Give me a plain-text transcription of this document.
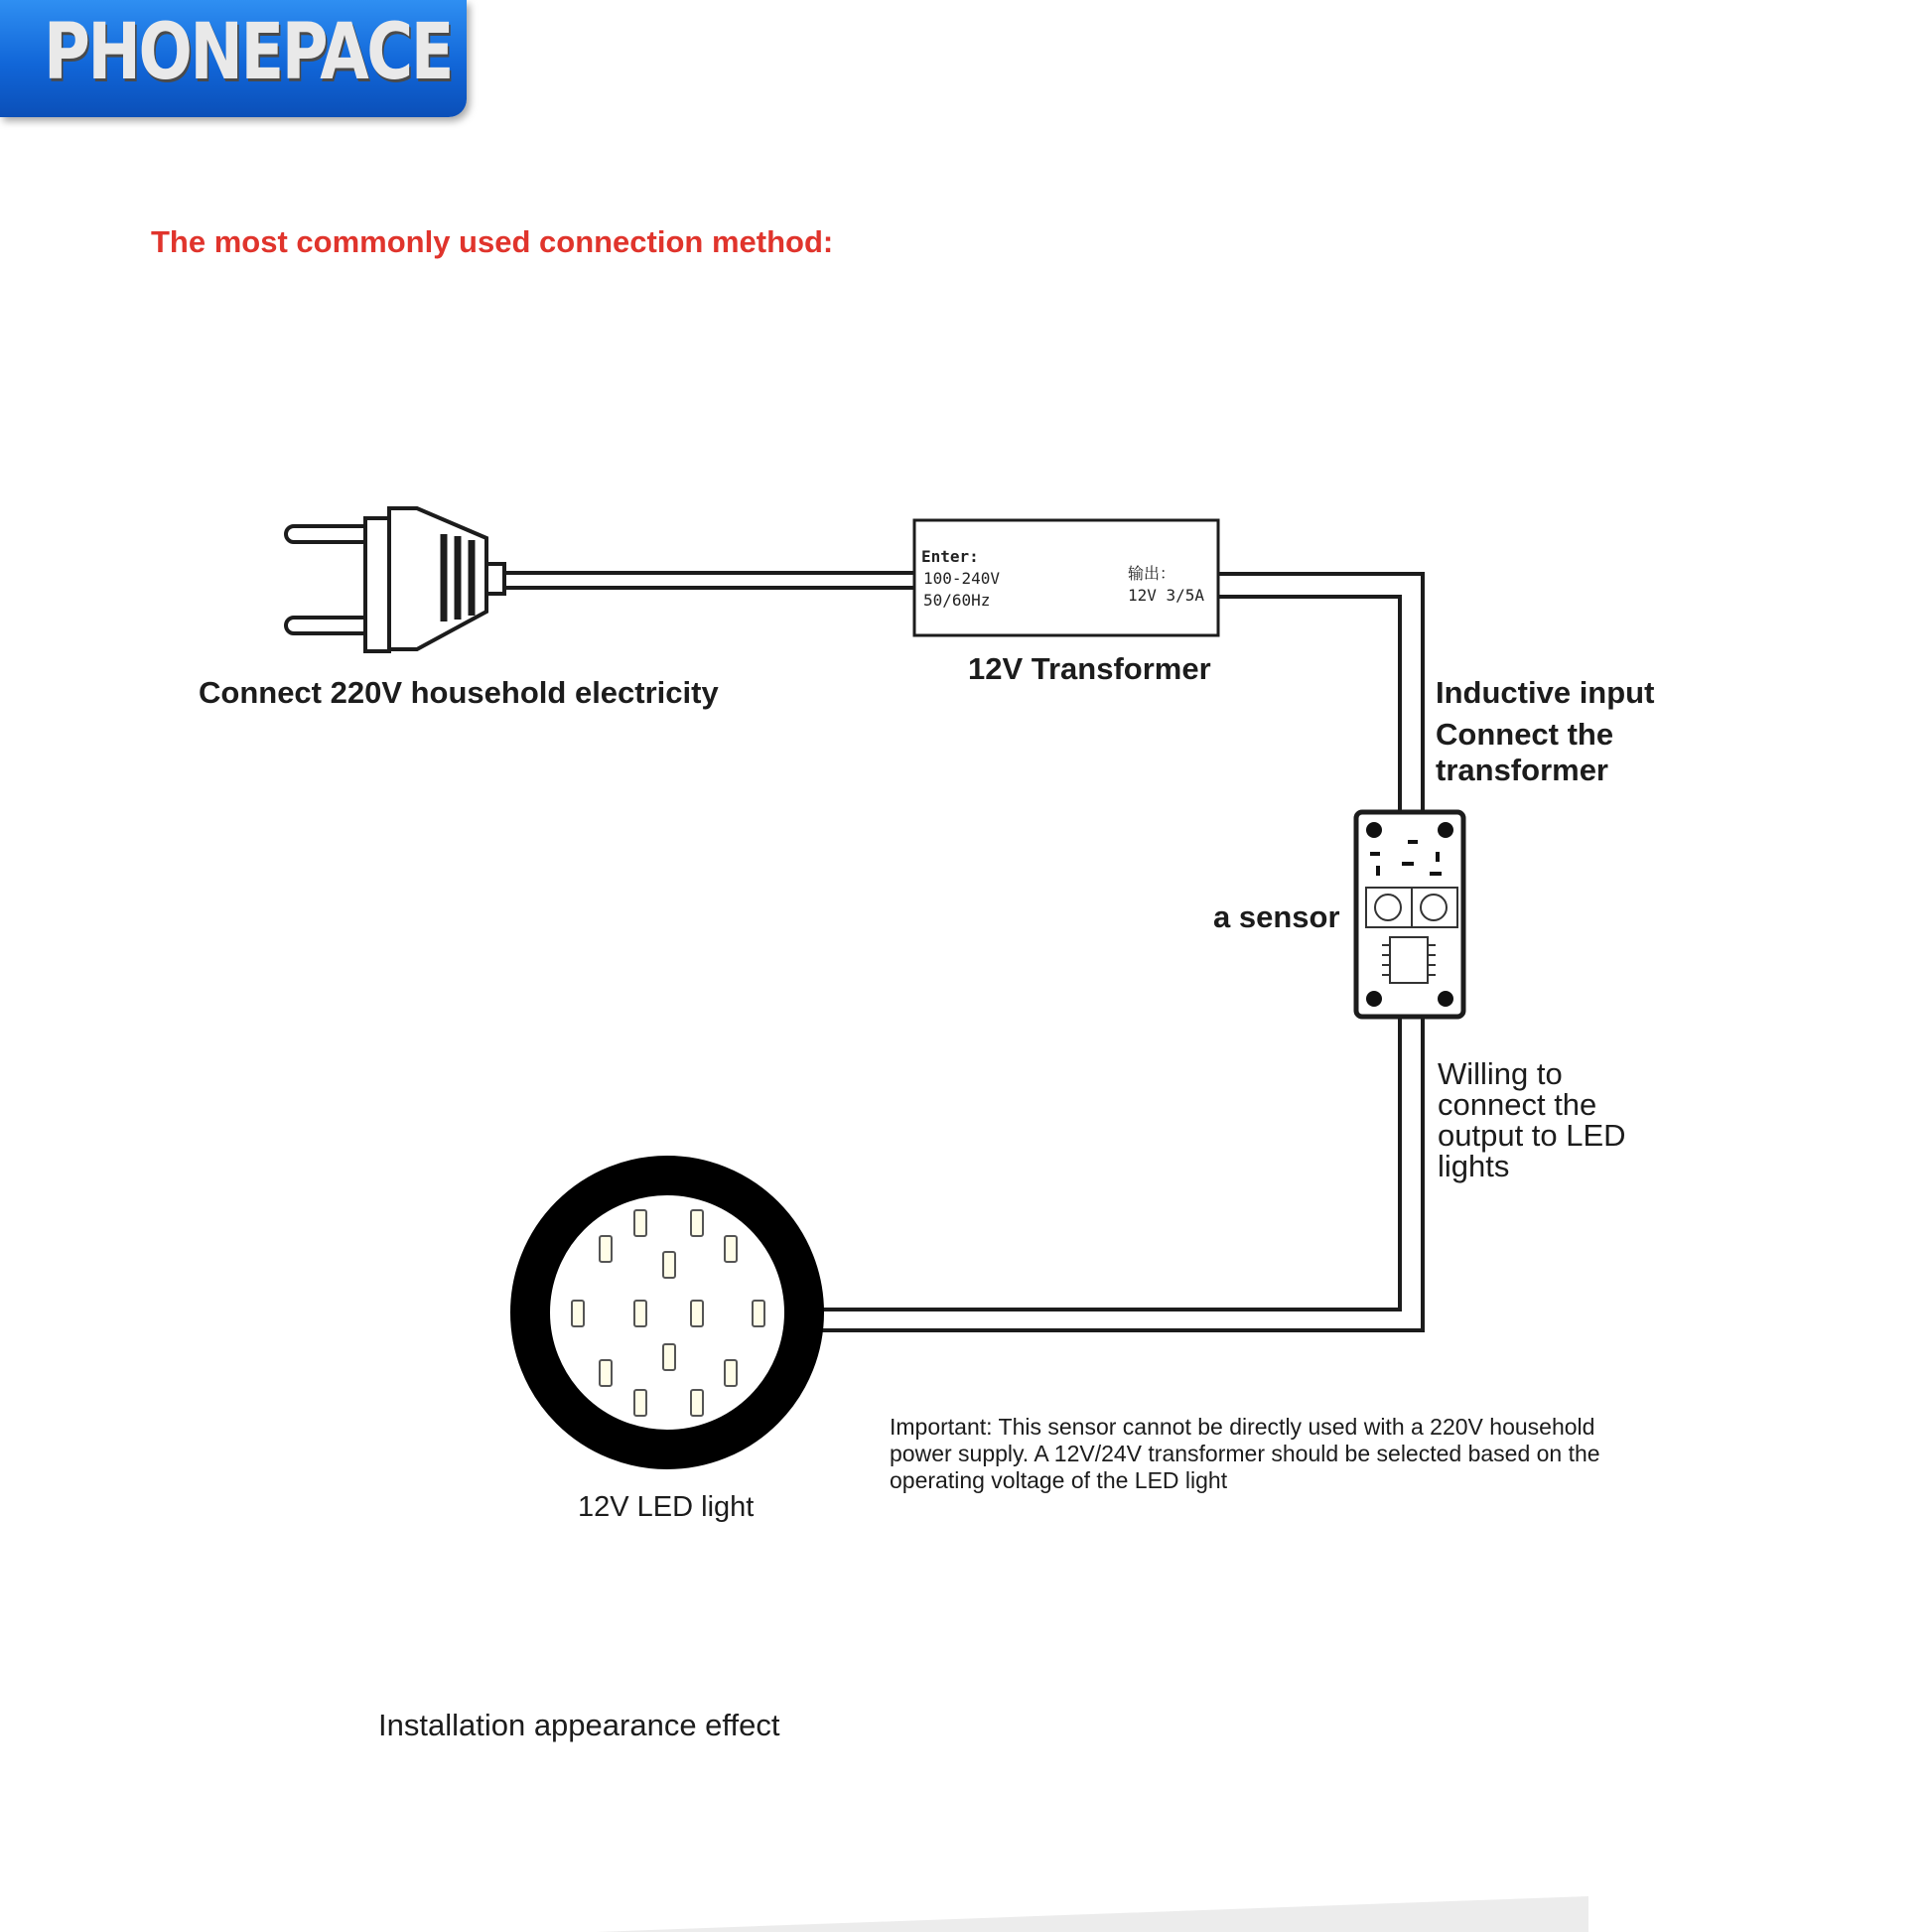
PHONEPACE
Enter:
100-240V
50/60Hz
输出：
12V 3/5A
The most commonly used connection method:
Connect 220V household electricity
12V Transformer
Inductive input
Connect the transformer
a sensor
Willing to connect the output to LED lights
12V LED light
Important: This sensor cannot be directly used with a 220V household power supply. A 12V/24V transformer should be selected based on the operating voltage of the LED light
Installation appearance effect
